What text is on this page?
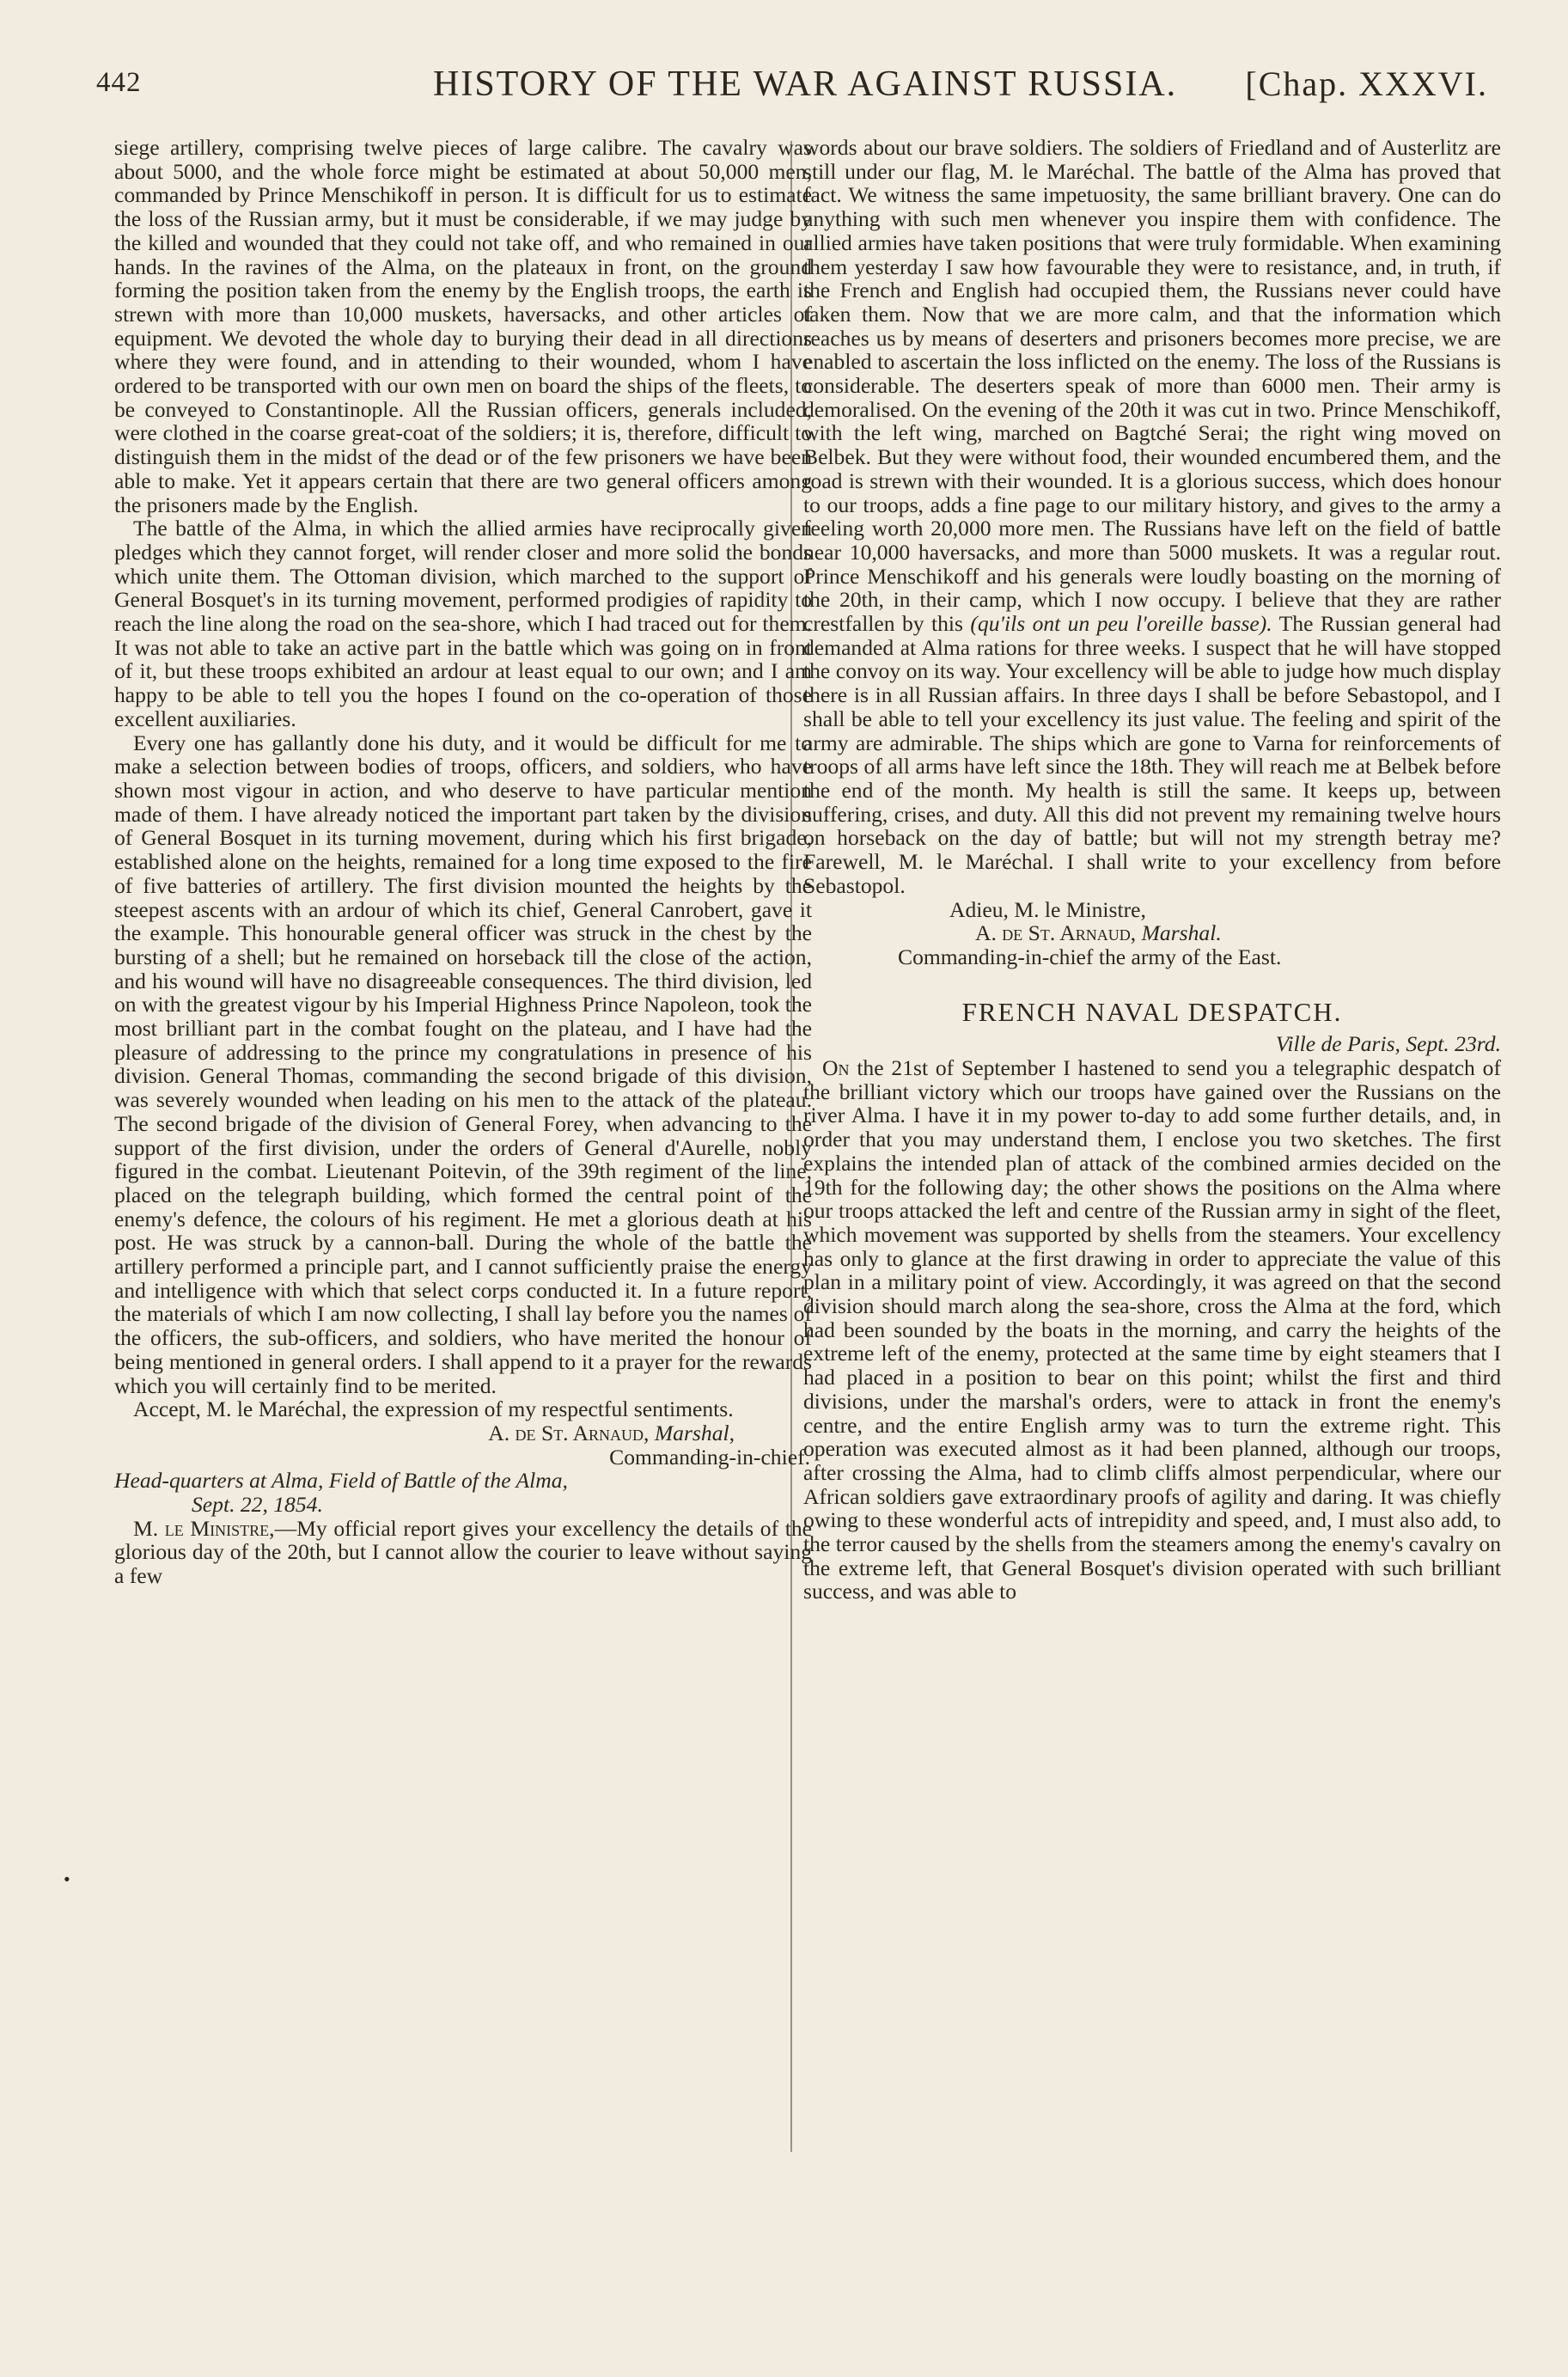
442	HISTORY OF THE WAR AGAINST RUSSIA. [Chap. XXXVI.
•

siege artillery, comprising twelve pieces of large calibre. The cavalry was about 5000, and the whole force might be estimated at about 50,000 men, commanded by Prince Menschikoff in person. It is difficult for us to estimate the loss of the Russian army, but it must be considerable, if we may judge by the killed and wounded that they could not take off, and who remained in our hands. In the ravines of the Alma, on the plateaux in front, on the ground forming the position taken from the enemy by the English troops, the earth is strewn with more than 10,000 muskets, haversacks, and other articles of equipment. We devoted the whole day to burying their dead in all directions where they were found, and in attending to their wounded, whom I have ordered to be transported with our own men on board the ships of the fleets, to be conveyed to Constantinople. All the Russian officers, generals included, were clothed in the coarse great-coat of the soldiers; it is, therefore, difficult to distinguish them in the midst of the dead or of the few prisoners we have been able to make. Yet it appears certain that there are two general officers among the prisoners made by the English.

The battle of the Alma, in which the allied armies have reciprocally given pledges which they cannot forget, will render closer and more solid the bonds which unite them. The Ottoman division, which marched to the support of General Bosquet's in its turning movement, performed prodigies of rapidity to reach the line along the road on the sea-shore, which I had traced out for them. It was not able to take an active part in the battle which was going on in front of it, but these troops exhibited an ardour at least equal to our own; and I am happy to be able to tell you the hopes I found on the co-operation of those excellent auxiliaries.

Every one has gallantly done his duty, and it would be difficult for me to make a selection between bodies of troops, officers, and soldiers, who have shown most vigour in action, and who deserve to have particular mention made of them. I have already noticed the important part taken by the division of General Bosquet in its turning movement, during which his first brigade, established alone on the heights, remained for a long time exposed to the fire of five batteries of artillery. The first division mounted the heights by the steepest ascents with an ardour of which its chief, General Canrobert, gave it the example. This honourable general officer was struck in the chest by the bursting of a shell; but he remained on horseback till the close of the action, and his wound will have no disagreeable consequences. The third division, led on with the greatest vigour by his Imperial Highness Prince Napoleon, took the most brilliant part in the combat fought on the plateau, and I have had the pleasure of addressing to the prince my congratulations in presence of his division. General Thomas, commanding the second brigade of this division, was severely wounded when leading on his men to the attack of the plateau. The second brigade of the division of General Forey, when advancing to the support of the first division, under the orders of General d'Aurelle, nobly figured in the combat. Lieutenant Poitevin, of the 39th regiment of the line, placed on the telegraph building, which formed the central point of the enemy's defence, the colours of his regiment. He met a glorious death at his post. He was struck by a cannon-ball. During the whole of the battle the artillery performed a principle part, and I cannot sufficiently praise the energy and intelligence with which that select corps conducted it. In a future report, the materials of which I am now collecting, I shall lay before you the names of the officers, the sub-officers, and soldiers, who have merited the honour of being mentioned in general orders. I shall append to it a prayer for the rewards which you will certainly find to be merited.

Accept, M. le Maréchal, the expression of my respectful sentiments.

A. de St. Arnaud, Marshal,

Commanding-in-chief.

Head-quarters at Alma, Field of Battle of the Alma,

Sept. 22, 1854.

M. le Ministre,—My official report gives your excellency the details of the glorious day of the 20th, but I cannot allow the courier to leave without saying a few

words about our brave soldiers. The soldiers of Friedland and of Austerlitz are still under our flag, M. le Maréchal. The battle of the Alma has proved that fact. We witness the same impetuosity, the same brilliant bravery. One can do anything with such men whenever you inspire them with confidence. The allied armies have taken positions that were truly formidable. When examining them yesterday I saw how favourable they were to resistance, and, in truth, if the French and English had occupied them, the Russians never could have taken them. Now that we are more calm, and that the information which reaches us by means of deserters and prisoners becomes more precise, we are enabled to ascertain the loss inflicted on the enemy. The loss of the Russians is considerable. The deserters speak of more than 6000 men. Their army is demoralised. On the evening of the 20th it was cut in two. Prince Menschikoff, with the left wing, marched on Bagtché Serai; the right wing moved on Belbek. But they were without food, their wounded encumbered them, and the road is strewn with their wounded. It is a glorious success, which does honour to our troops, adds a fine page to our military history, and gives to the army a feeling worth 20,000 more men. The Russians have left on the field of battle near 10,000 haversacks, and more than 5000 muskets. It was a regular rout. Prince Menschikoff and his generals were loudly boasting on the morning of the 20th, in their camp, which I now occupy. I believe that they are rather crestfallen by this (qu'ils ont un peu l'oreille basse). The Russian general had demanded at Alma rations for three weeks. I suspect that he will have stopped the convoy on its way. Your excellency will be able to judge how much display there is in all Russian affairs. In three days I shall be before Sebastopol, and I shall be able to tell your excellency its just value. The feeling and spirit of the army are admirable. The ships which are gone to Varna for reinforcements of troops of all arms have left since the 18th. They will reach me at Belbek before the end of the month. My health is still the same. It keeps up, between suffering, crises, and duty. All this did not prevent my remaining twelve hours on horseback on the day of battle; but will not my strength betray me? Farewell, M. le Maréchal. I shall write to your excellency from before Sebastopol.

Adieu, M. le Ministre,

A. de St. Arnaud, Marshal.

Commanding-in-chief the army of the East.

FRENCH NAVAL DESPATCH.

Ville de Paris, Sept. 23rd.

On the 21st of September I hastened to send you a telegraphic despatch of the brilliant victory which our troops have gained over the Russians on the river Alma. I have it in my power to-day to add some further details, and, in order that you may understand them, I enclose you two sketches. The first explains the intended plan of attack of the combined armies decided on the 19th for the following day; the other shows the positions on the Alma where our troops attacked the left and centre of the Russian army in sight of the fleet, which movement was supported by shells from the steamers. Your excellency has only to glance at the first drawing in order to appreciate the value of this plan in a military point of view. Accordingly, it was agreed on that the second division should march along the sea-shore, cross the Alma at the ford, which had been sounded by the boats in the morning, and carry the heights of the extreme left of the enemy, protected at the same time by eight steamers that I had placed in a position to bear on this point; whilst the first and third divisions, under the marshal's orders, were to attack in front the enemy's centre, and the entire English army was to turn the extreme right. This operation was executed almost as it had been planned, although our troops, after crossing the Alma, had to climb cliffs almost perpendicular, where our African soldiers gave extraordinary proofs of agility and daring. It was chiefly owing to these wonderful acts of intrepidity and speed, and, I must also add, to the terror caused by the shells from the steamers among the enemy's cavalry on the extreme left, that General Bosquet's division operated with such brilliant success, and was able to
